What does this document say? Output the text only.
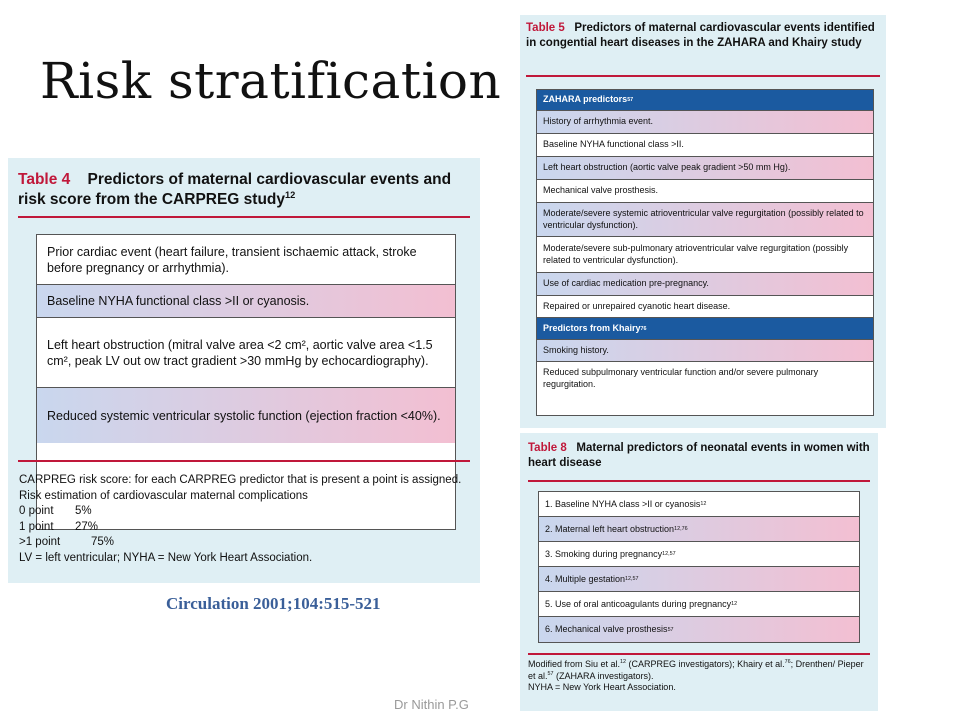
Risk stratification
Table 4 Predictors of maternal cardiovascular events and risk score from the CARPREG study$^{12}$
Prior cardiac event (heart failure, transient ischaemic attack, stroke before pregnancy or arrhythmia).
Baseline NYHA functional class >II or cyanosis.
Left heart obstruction (mitral valve area <2 cm², aortic valve area <1.5 cm², peak LV out ow tract gradient >30 mmHg by echocardiography).
Reduced systemic ventricular systolic function (ejection fraction <40%).
CARPREG risk score: for each CARPREG predictor that is present a point is assigned. Risk estimation of cardiovascular maternal complications
0 point 5%
1 point 27%
>1 point	75%
LV = left ventricular; NYHA = New York Heart Association.
Circulation 2001;104:515-521
Table 5 Predictors of maternal cardiovascular events identified in congential heart diseases in the ZAHARA and Khairy study
ZAHARA predictors 57
History of arrhythmia event.
Baseline NYHA functional class >II.
Left heart obstruction (aortic valve peak gradient >50 mm Hg).
Mechanical valve prosthesis.
Moderate/severe systemic atrioventricular valve regurgitation (possibly related to ventricular dysfunction).
Moderate/severe sub-pulmonary atrioventricular valve regurgitation (possibly related to ventricular dysfunction).
Use of cardiac medication pre-pregnancy.
Repaired or unrepaired cyanotic heart disease.
Predictors from Khairy 76
Smoking history.
Reduced subpulmonary ventricular function and/or severe pulmonary regurgitation.
Table 8 Maternal predictors of neonatal events in women with heart disease
1. Baseline NYHA class >II or cyanosis 12
2. Maternal left heart obstruction 12,76
3. Smoking during pregnancy 12,57
4. Multiple gestation 12,57
5. Use of oral anticoagulants during pregnancy 12
6. Mechanical valve prosthesis 57
Modified from Siu et al.$^{12}$ (CARPREG investigators); Khairy et al.$^{76}$; Drenthen/ Pieper et al.$^{57}$ (ZAHARA investigators).
NYHA = New York Heart Association.
Dr Nithin P.G
